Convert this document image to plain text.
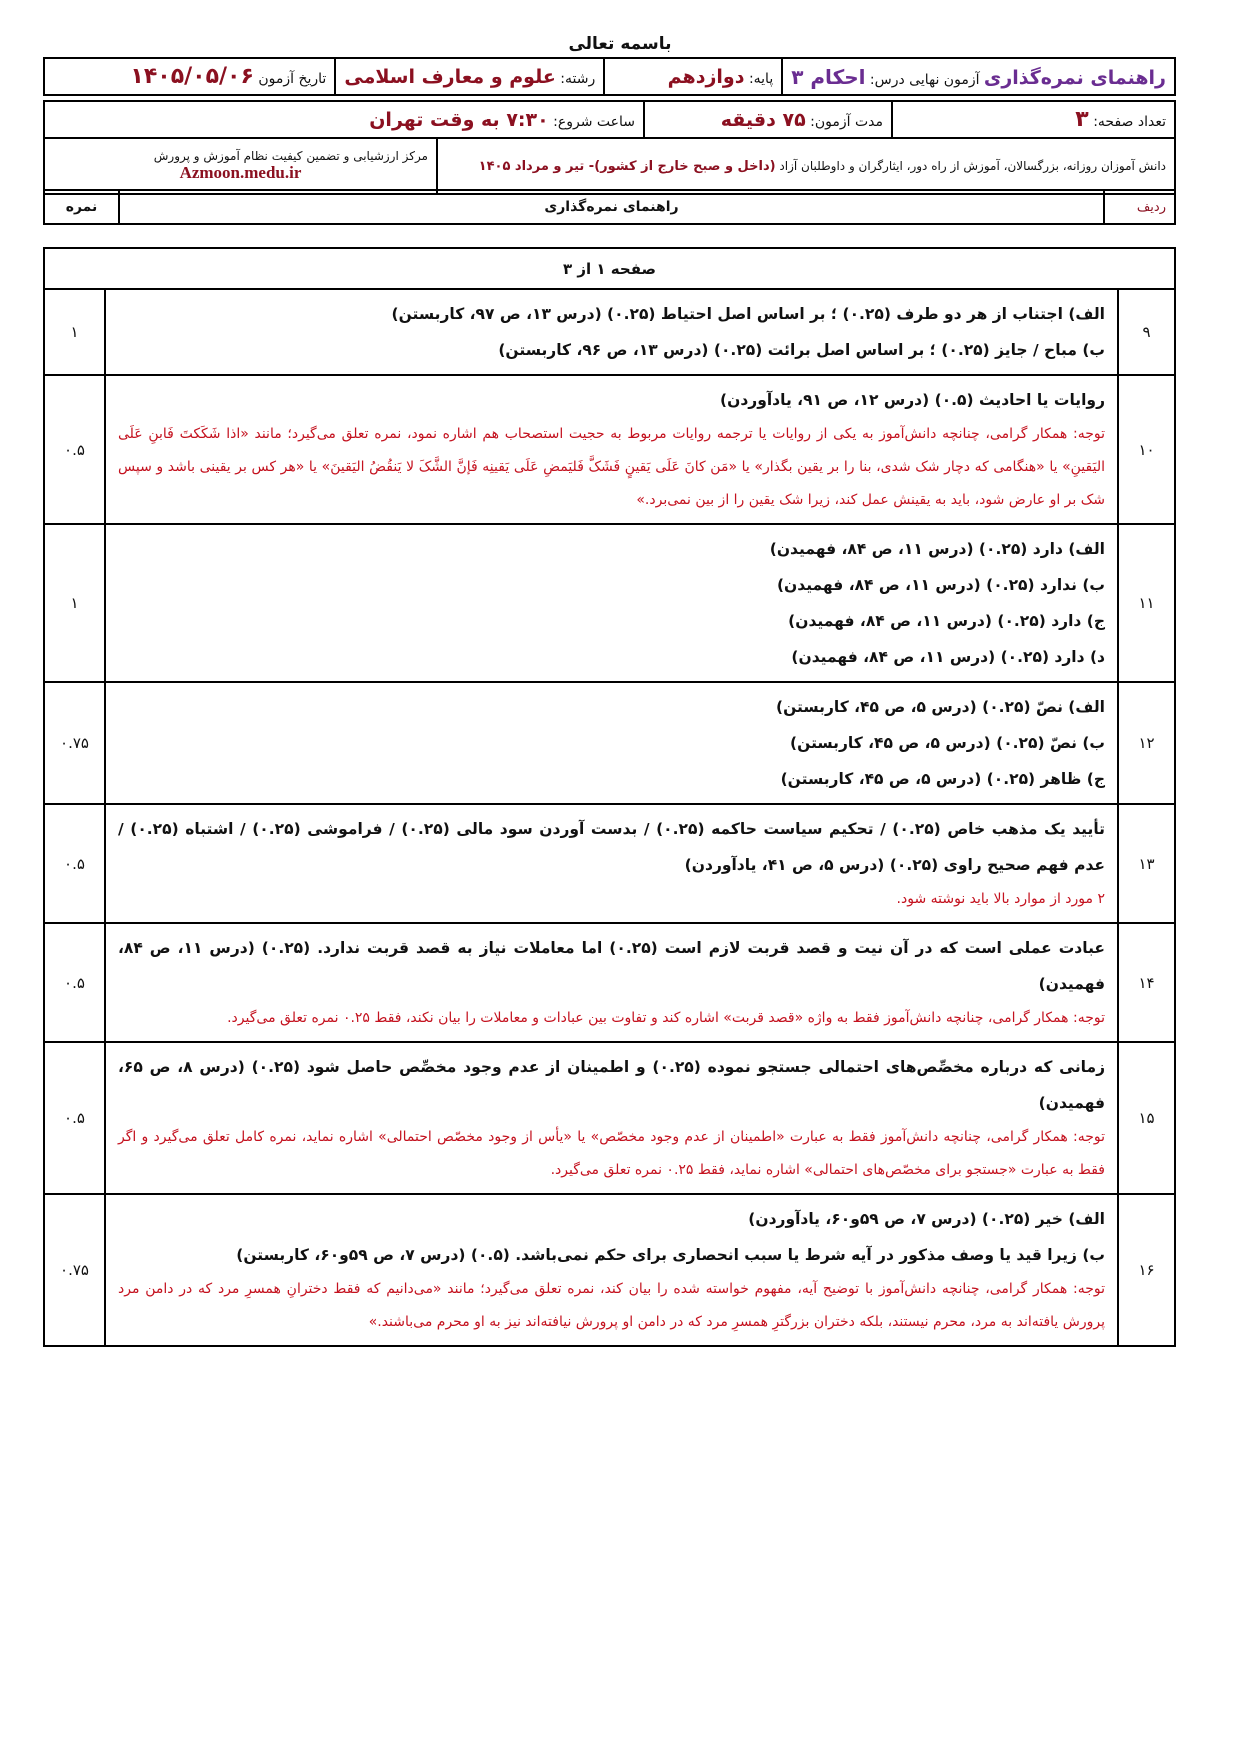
باسمه تعالی
راهنمای نمره‌گذاری آزمون نهایی درس: احکام ۳	پایه: دوازدهم	رشته: علوم و معارف اسلامی	تاریخ آزمون ۱۴۰۵/۰۵/۰۶
تعداد صفحه: ۳	مدت آزمون: ۷۵ دقیقه	ساعت شروع: ۷:۳۰ به وقت تهران
دانش آموزان روزانه، بزرگسالان، آموزش از راه دور، ایثارگران و داوطلبان آزاد (داخل و صبح خارج از کشور)- تیر و مرداد ۱۴۰۵	مرکز ارزشیابی و تضمین کیفیت نظام آموزش و پرورش
Azmoon.medu.ir
ردیف	راهنمای نمره‌گذاری	نمره
صفحه ۱ از ۳		
۹	الف) اجتناب از هر دو طرف (۰.۲۵) ؛ بر اساس اصل احتیاط (۰.۲۵) (درس ۱۳، ص ۹۷، کاربستن)
ب) مباح / جایز (۰.۲۵) ؛ بر اساس اصل برائت (۰.۲۵) (درس ۱۳، ص ۹۶، کاربستن)	۱
۱۰	روایات یا احادیث (۰.۵) (درس ۱۲، ص ۹۱، یادآوردن)
توجه: همکار گرامی، چنانچه دانش‌آموز به یکی از روایات یا ترجمه روایات مربوط به حجیت استصحاب هم اشاره نمود، نمره تعلق می‌گیرد؛ مانند «اذا شَکَکتَ فَابنِ عَلَی الیَقینِ» یا «هنگامی که دچار شک شدی، بنا را بر یقین بگذار» یا «مَن کانَ عَلَی یَقینٍ فَشَکَّ فَلیَمضِ عَلَی یَقینِه فَإنَّ الشَّکَ لا یَنقُضُ الیَقینَ» یا «هر کس بر یقینی باشد و سپس شک بر او عارض شود، باید به یقینش عمل کند، زیرا شک یقین را از بین نمی‌برد.»	۰.۵
۱۱	الف) دارد (۰.۲۵) (درس ۱۱، ص ۸۴، فهمیدن)
ب) ندارد (۰.۲۵) (درس ۱۱، ص ۸۴، فهمیدن)
ج) دارد (۰.۲۵) (درس ۱۱، ص ۸۴، فهمیدن)
د) دارد (۰.۲۵) (درس ۱۱، ص ۸۴، فهمیدن)	۱
۱۲	الف) نصّ (۰.۲۵) (درس ۵، ص ۴۵، کاربستن)
ب) نصّ (۰.۲۵) (درس ۵، ص ۴۵، کاربستن)
ج) ظاهر (۰.۲۵) (درس ۵، ص ۴۵، کاربستن)	۰.۷۵
۱۳	تأیید یک مذهب خاص (۰.۲۵) / تحکیم سیاست حاکمه (۰.۲۵) / بدست آوردن سود مالی (۰.۲۵) / فراموشی (۰.۲۵) / اشتباه (۰.۲۵) / عدم فهم صحیح راوی (۰.۲۵) (درس ۵، ص ۴۱، یادآوردن)
۲ مورد از موارد بالا باید نوشته شود.	۰.۵
۱۴	عبادت عملی است که در آن نیت و قصد قربت لازم است (۰.۲۵) اما معاملات نیاز به قصد قربت ندارد. (۰.۲۵) (درس ۱۱، ص ۸۴، فهمیدن)
توجه: همکار گرامی، چنانچه دانش‌آموز فقط به واژه «قصد قربت» اشاره کند و تفاوت بین عبادات و معاملات را بیان نکند، فقط ۰.۲۵ نمره تعلق می‌گیرد.	۰.۵
۱۵	زمانی که درباره مخصِّص‌های احتمالی جستجو نموده (۰.۲۵) و اطمینان از عدم وجود مخصِّص حاصل شود (۰.۲۵) (درس ۸، ص ۶۵، فهمیدن)
توجه: همکار گرامی، چنانچه دانش‌آموز فقط به عبارت «اطمینان از عدم وجود مخصّص» یا «یأس از وجود مخصّص احتمالی» اشاره نماید، نمره کامل تعلق می‌گیرد و اگر فقط به عبارت «جستجو برای مخصّص‌های احتمالی» اشاره نماید، فقط ۰.۲۵ نمره تعلق می‌گیرد.	۰.۵
۱۶	الف) خیر (۰.۲۵) (درس ۷، ص ۵۹و۶۰، یادآوردن)
ب) زیرا قید یا وصف مذکور در آیه شرط یا سبب انحصاری برای حکم نمی‌باشد. (۰.۵) (درس ۷، ص ۵۹و۶۰، کاربستن)
توجه: همکار گرامی، چنانچه دانش‌آموز با توضیح آیه، مفهوم خواسته شده را بیان کند، نمره تعلق می‌گیرد؛ مانند «می‌دانیم که فقط دخترانِ همسرِ مرد که در دامن مرد پرورش یافته‌اند به مرد، محرم نیستند، بلکه دختران بزرگترِ همسرِ مرد که در دامن او پرورش نیافته‌اند نیز به او محرم می‌باشند.»	۰.۷۵
